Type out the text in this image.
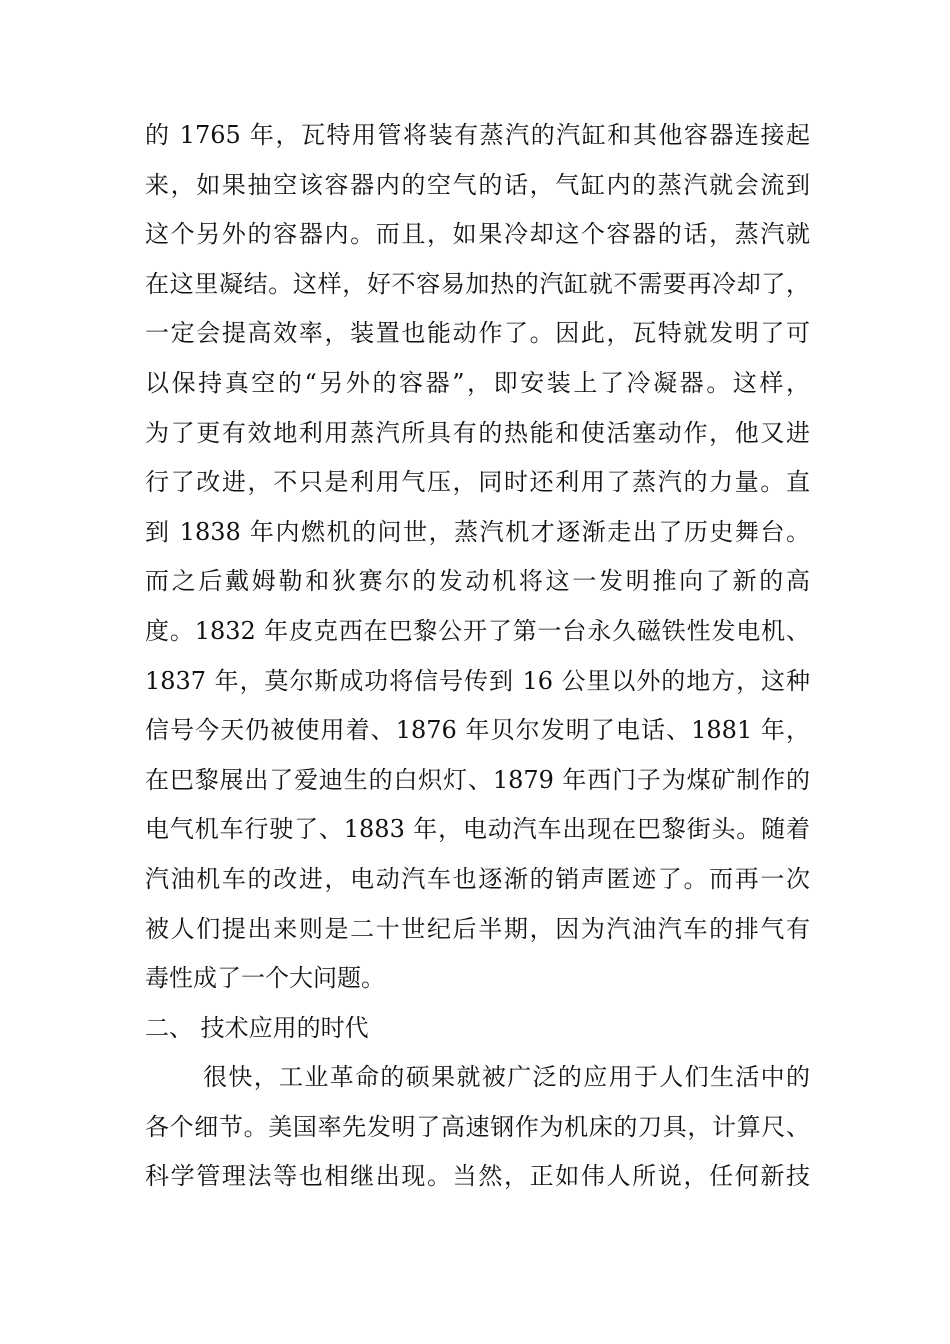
的 1765 年，瓦特用管将装有蒸汽的汽缸和其他容器连接起
来，如果抽空该容器内的空气的话，气缸内的蒸汽就会流到
这个另外的容器内。而且，如果冷却这个容器的话，蒸汽就
在这里凝结。这样，好不容易加热的汽缸就不需要再冷却了，
一定会提高效率，装置也能动作了。因此，瓦特就发明了可
以保持真空的“另外的容器”，即安装上了冷凝器。这样，
为了更有效地利用蒸汽所具有的热能和使活塞动作，他又进
行了改进，不只是利用气压，同时还利用了蒸汽的力量。直
到 1838 年内燃机的问世，蒸汽机才逐渐走出了历史舞台。
而之后戴姆勒和狄赛尔的发动机将这一发明推向了新的高
度。1832 年皮克西在巴黎公开了第一台永久磁铁性发电机、
1837 年，莫尔斯成功将信号传到 16 公里以外的地方，这种
信号今天仍被使用着、1876 年贝尔发明了电话、1881 年，
在巴黎展出了爱迪生的白炽灯、1879 年西门子为煤矿制作的
电气机车行驶了、1883 年，电动汽车出现在巴黎街头。随着
汽油机车的改进，电动汽车也逐渐的销声匿迹了。而再一次
被人们提出来则是二十世纪后半期，因为汽油汽车的排气有
毒性成了一个大问题。
二、 技术应用的时代
很快，工业革命的硕果就被广泛的应用于人们生活中的
各个细节。美国率先发明了高速钢作为机床的刀具，计算尺、
科学管理法等也相继出现。当然，正如伟人所说，任何新技
